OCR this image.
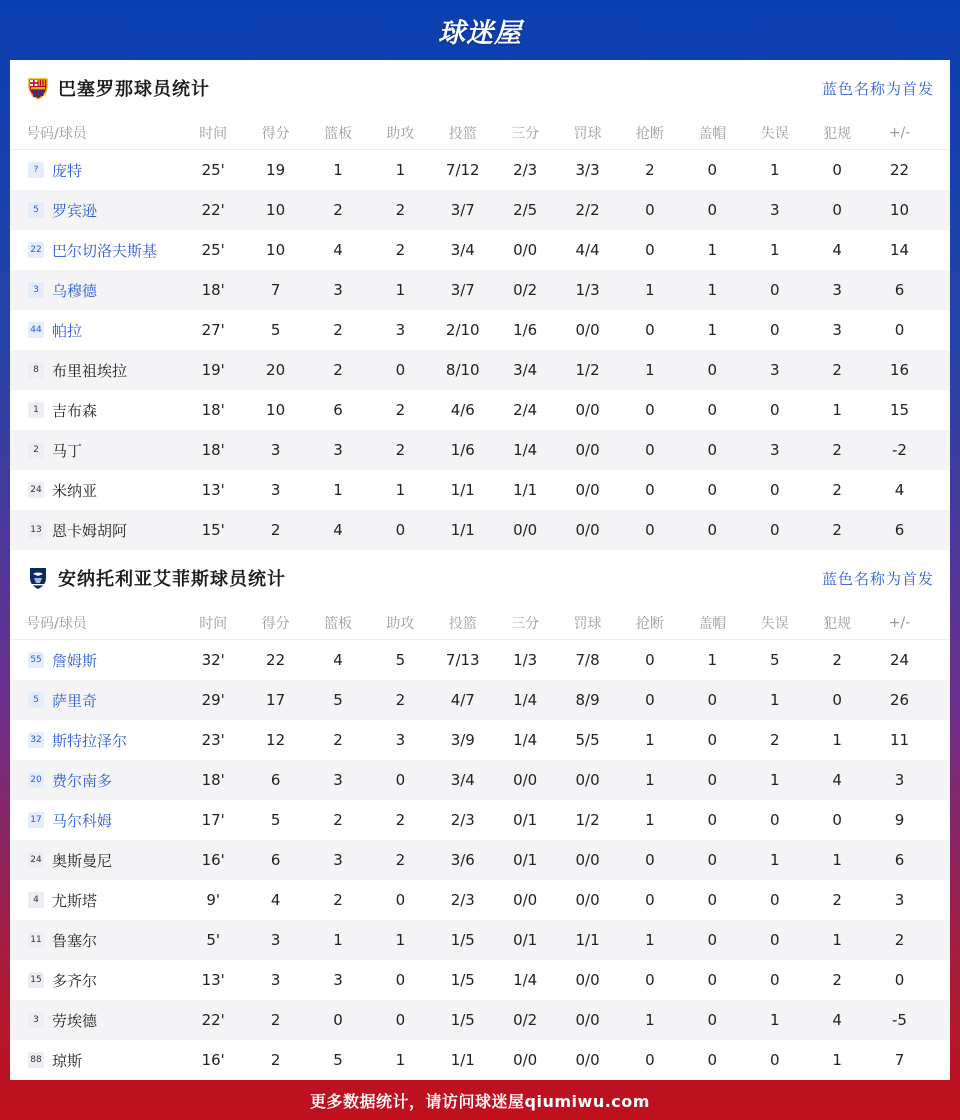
球迷屋
巴塞罗那球员统计	蓝色名称为首发
号码/球员	时间	得分	篮板	助攻	投篮	三分	罚球	抢断	盖帽	失误	犯规	+/-
? 庞特	25'	19	1	1	7/12	2/3	3/3	2	0	1	0	22
5 罗宾逊	22'	10	2	2	3/7	2/5	2/2	0	0	3	0	10
22 巴尔切洛夫斯基	25'	10	4	2	3/4	0/0	4/4	0	1	1	4	14
3 乌穆德	18'	7	3	1	3/7	0/2	1/3	1	1	0	3	6
44 帕拉	27'	5	2	3	2/10	1/6	0/0	0	1	0	3	0
8 布里祖埃拉	19'	20	2	0	8/10	3/4	1/2	1	0	3	2	16
1 吉布森	18'	10	6	2	4/6	2/4	0/0	0	0	0	1	15
2 马丁	18'	3	3	2	1/6	1/4	0/0	0	0	3	2	-2
24 米纳亚	13'	3	1	1	1/1	1/1	0/0	0	0	0	2	4
13 恩卡姆胡阿	15'	2	4	0	1/1	0/0	0/0	0	0	0	2	6
安纳托利亚艾菲斯球员统计	蓝色名称为首发
号码/球员	时间	得分	篮板	助攻	投篮	三分	罚球	抢断	盖帽	失误	犯规	+/-
55 詹姆斯	32'	22	4	5	7/13	1/3	7/8	0	1	5	2	24
5 萨里奇	29'	17	5	2	4/7	1/4	8/9	0	0	1	0	26
32 斯特拉泽尔	23'	12	2	3	3/9	1/4	5/5	1	0	2	1	11
20 费尔南多	18'	6	3	0	3/4	0/0	0/0	1	0	1	4	3
17 马尔科姆	17'	5	2	2	2/3	0/1	1/2	1	0	0	0	9
24 奥斯曼尼	16'	6	3	2	3/6	0/1	0/0	0	0	1	1	6
4 尤斯塔	9'	4	2	0	2/3	0/0	0/0	0	0	0	2	3
11 鲁塞尔	5'	3	1	1	1/5	0/1	1/1	1	0	0	1	2
15 多齐尔	13'	3	3	0	1/5	1/4	0/0	0	0	0	2	0
3 劳埃德	22'	2	0	0	1/5	0/2	0/0	1	0	1	4	-5
88 琼斯	16'	2	5	1	1/1	0/0	0/0	0	0	0	1	7
更多数据统计，请访问球迷屋qiumiwu.com
